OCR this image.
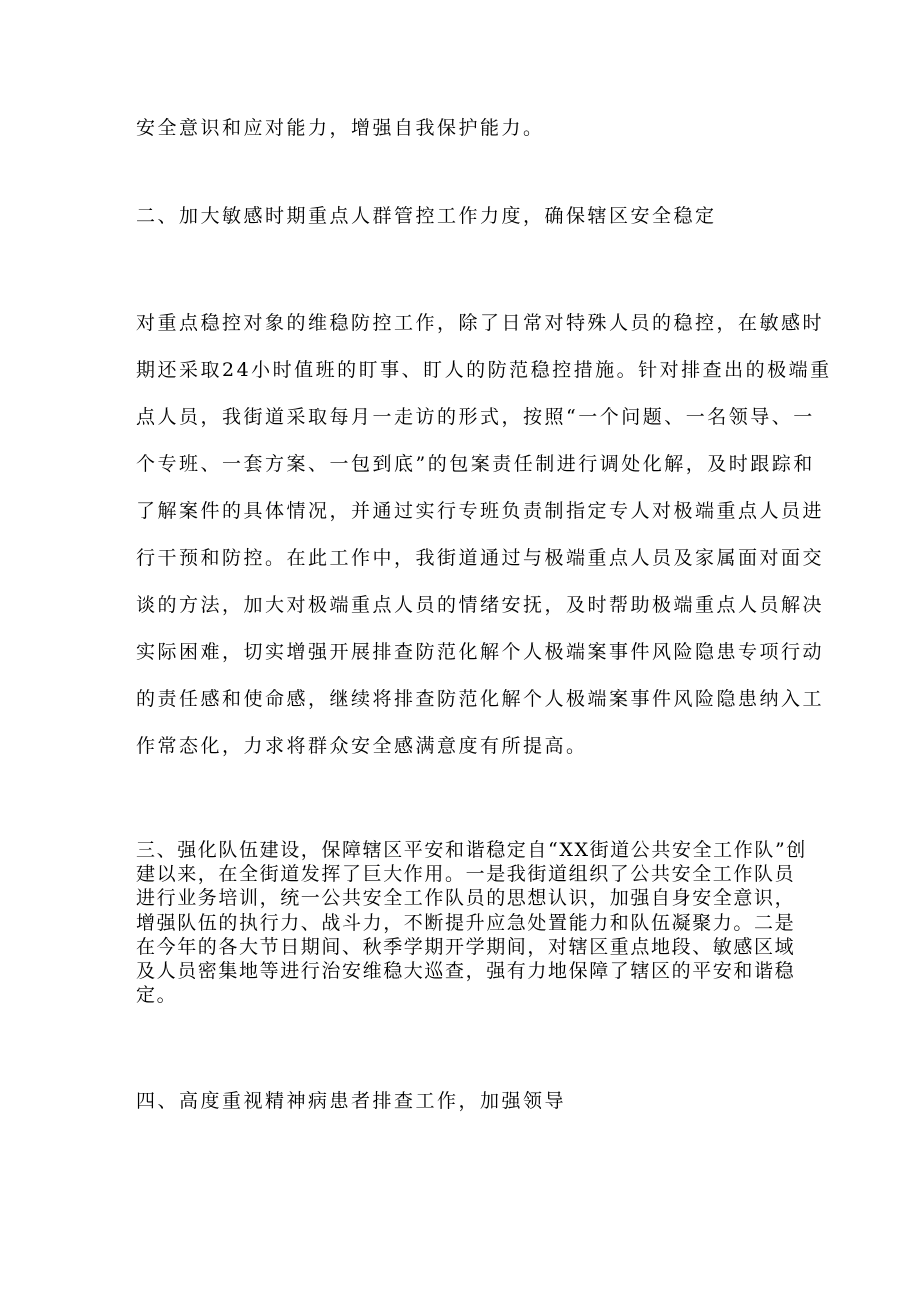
安全意识和应对能力，增强自我保护能力。
二、加大敏感时期重点人群管控工作力度，确保辖区安全稳定
对重点稳控对象的维稳防控工作，除了日常对特殊人员的稳控，在敏感时
期还采取24小时值班的盯事、盯人的防范稳控措施。针对排查出的极端重
点人员，我街道采取每月一走访的形式，按照“一个问题、一名领导、一
个专班、一套方案、一包到底”的包案责任制进行调处化解，及时跟踪和
了解案件的具体情况，并通过实行专班负责制指定专人对极端重点人员进
行干预和防控。在此工作中，我街道通过与极端重点人员及家属面对面交
谈的方法，加大对极端重点人员的情绪安抚，及时帮助极端重点人员解决
实际困难，切实增强开展排查防范化解个人极端案事件风险隐患专项行动
的责任感和使命感，继续将排查防范化解个人极端案事件风险隐患纳入工
作常态化，力求将群众安全感满意度有所提高。
三、强化队伍建设，保障辖区平安和谐稳定自“XX街道公共安全工作队”创
建以来，在全街道发挥了巨大作用。一是我街道组织了公共安全工作队员
进行业务培训，统一公共安全工作队员的思想认识，加强自身安全意识，
增强队伍的执行力、战斗力，不断提升应急处置能力和队伍凝聚力。二是
在今年的各大节日期间、秋季学期开学期间，对辖区重点地段、敏感区域
及人员密集地等进行治安维稳大巡查，强有力地保障了辖区的平安和谐稳
定。
四、高度重视精神病患者排查工作，加强领导
